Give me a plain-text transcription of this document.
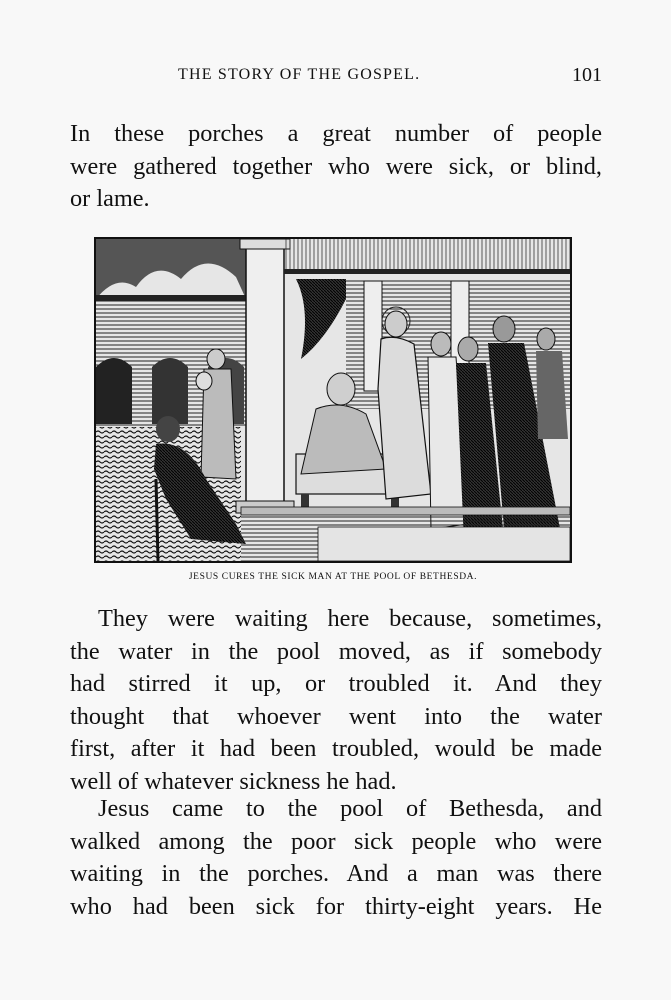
THE STORY OF THE GOSPEL.	101
In these porches a great number of people
were gathered together who were sick, or blind,
or lame.
JESUS CURES THE SICK MAN AT THE POOL OF BETHESDA.
They were waiting here because, sometimes,
the water in the pool moved, as if somebody
had stirred it up, or troubled it. And they
thought that whoever went into the water
first, after it had been troubled, would be made
well of whatever sickness he had.
Jesus came to the pool of Bethesda, and
walked among the poor sick people who were
waiting in the porches. And a man was there
who had been sick for thirty-eight years. He
